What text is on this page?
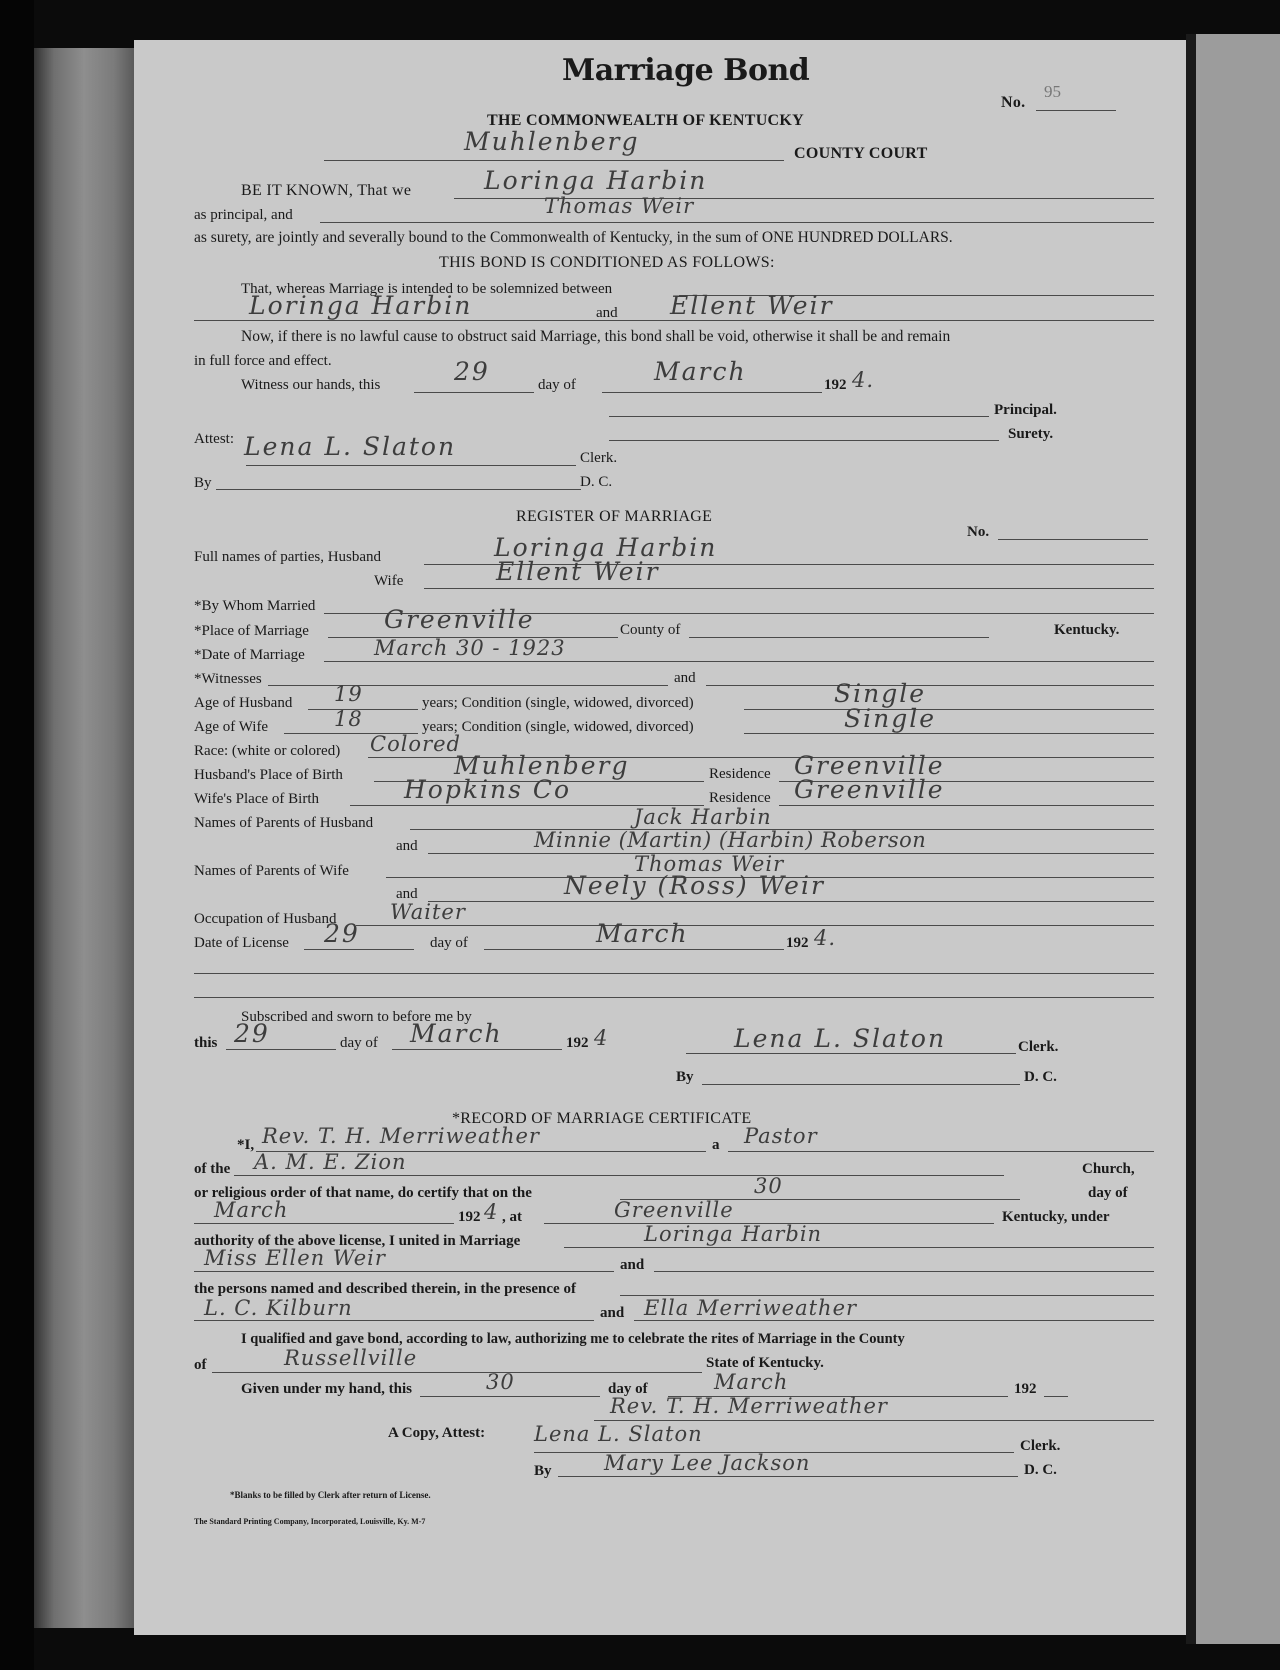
Marriage Bond
THE COMMONWEALTH OF KENTUCKY
No.
95
Muhlenberg	COUNTY COURT
BE IT KNOWN, That we	Loringa Harbin
as principal, and	Thomas Weir
as surety, are jointly and severally bound to the Commonwealth of Kentucky, in the sum of ONE HUNDRED DOLLARS.
THIS BOND IS CONDITIONED AS FOLLOWS:
That, whereas Marriage is intended to be solemnized between
Loringa Harbin	and Ellent Weir
Now, if there is no lawful cause to obstruct said Marriage, this bond shall be void, otherwise it shall be and remain
in full force and effect.
Witness our hands, this	29	day of	March	192 4.
Principal.
Surety.
Attest: Lena L. Slaton	Clerk.
By	D. C.
REGISTER OF MARRIAGE
No.
Full names of parties, Husband	Loringa Harbin
Wife	Ellent Weir
*By Whom Married
*Place of Marriage	Greenville	County of	Kentucky.
*Date of Marriage	March 30 - 1923
*Witnesses	and
Age of Husband 19	years; Condition (single, widowed, divorced)	Single
Age of Wife	18	years; Condition (single, widowed, divorced)	Single
Race: (white or colored) Colored
Husband's Place of Birth	Muhlenberg	Residence Greenville
Wife's Place of Birth	Hopkins Co	Residence Greenville
Names of Parents of Husband	Jack Harbin
and	Minnie (Martin) (Harbin) Roberson
Names of Parents of Wife	Thomas Weir
and	Neely (Ross) Weir
Occupation of Husband	Waiter
Date of License 29	day of	March	192 4.
Subscribed and sworn to before me by
this 29	day of March	192 4	Lena L. Slaton	Clerk.
By	D. C.
*RECORD OF MARRIAGE CERTIFICATE
*I, Rev. T. H. Merriweather	a Pastor
of the A. M. E. Zion	Church,
or religious order of that name, do certify that on the	30	day of
March	192 4 , at	Greenville	Kentucky, under
authority of the above license, I united in Marriage	Loringa Harbin
Miss Ellen Weir	and
the persons named and described therein, in the presence of
L. C. Kilburn	and Ella Merriweather
I qualified and gave bond, according to law, authorizing me to celebrate the rites of Marriage in the County
of	Russellville	State of Kentucky.
Given under my hand, this	30	day of	March	192
Rev. T. H. Merriweather
A Copy, Attest: Lena L. Slaton	Clerk.
By Mary Lee Jackson	D. C.
*Blanks to be filled by Clerk after return of License.
The Standard Printing Company, Incorporated, Louisville, Ky. M-7
